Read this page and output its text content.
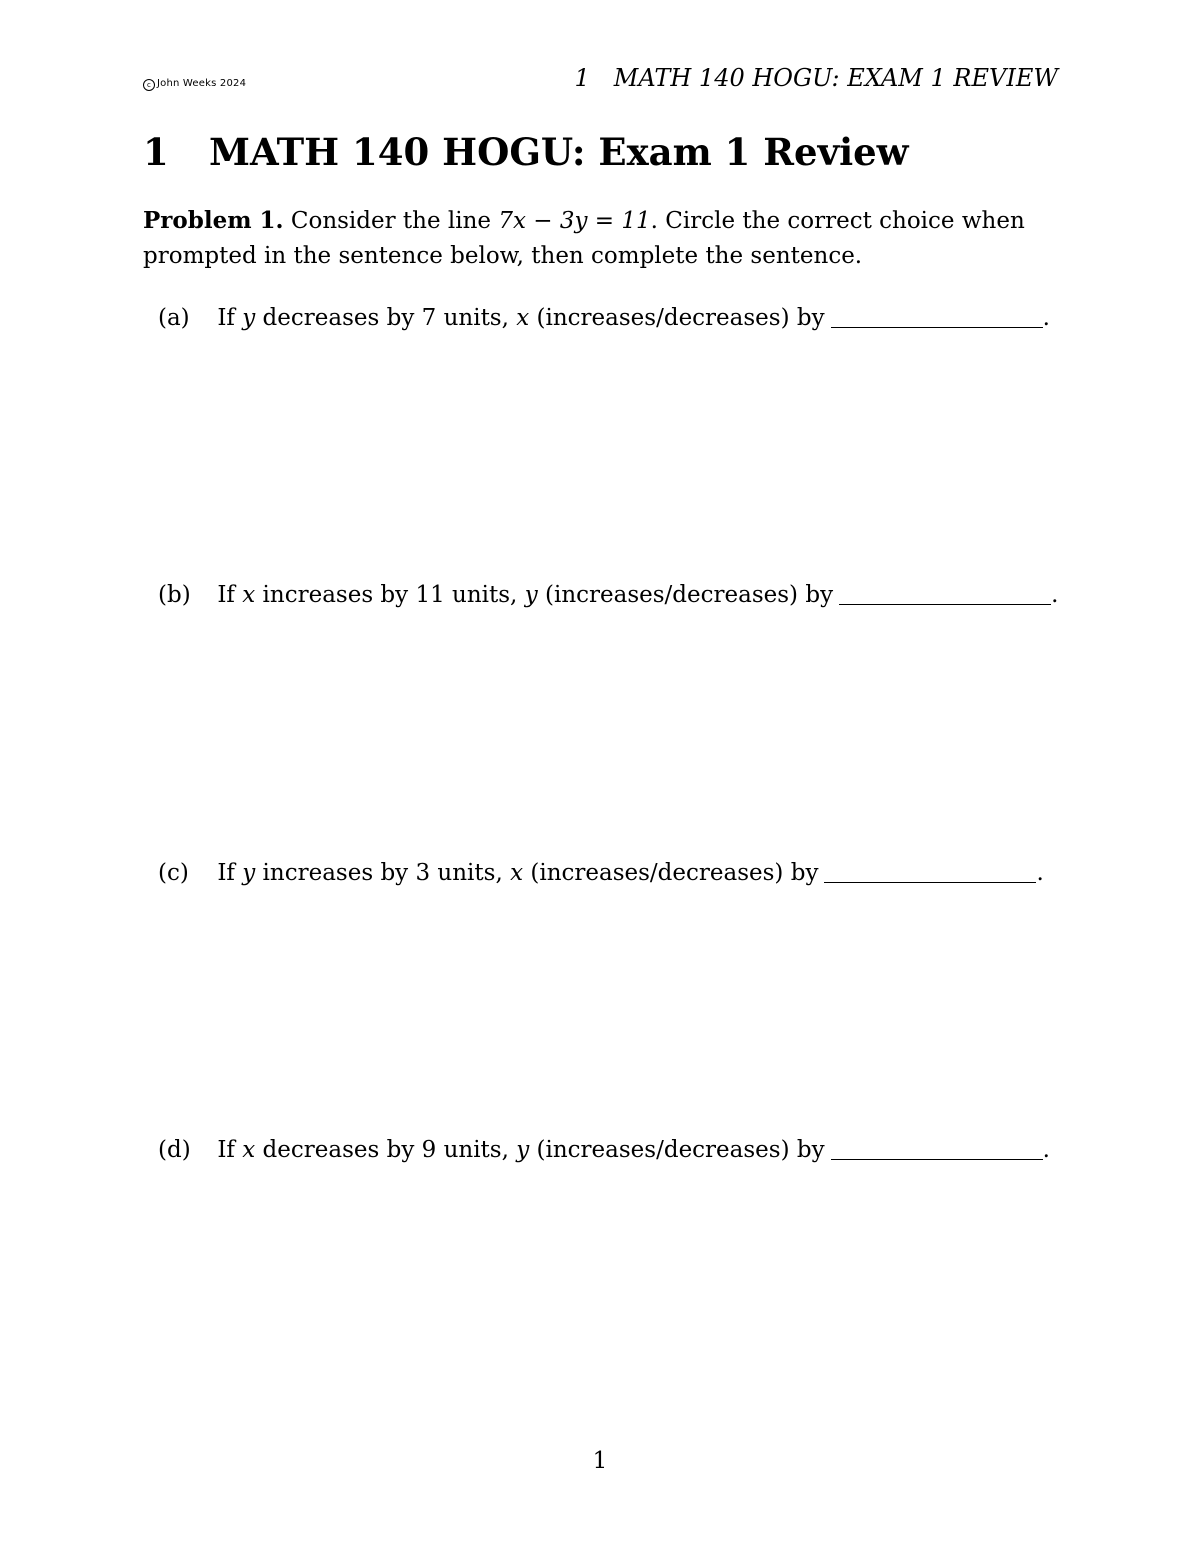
c John Weeks 2024	1 MATH 140 HOGU: EXAM 1 REVIEW
1 MATH 140 HOGU: Exam 1 Review

Problem 1. Consider the line 7x − 3y = 11. Circle the correct choice when prompted in the sentence below, then complete the sentence.

(a) If y decreases by 7 units, x (increases/decreases) by	.
(b) If x increases by 11 units, y (increases/decreases) by	.
(c) If y increases by 3 units, x (increases/decreases) by	.
(d) If x decreases by 9 units, y (increases/decreases) by	.
1
